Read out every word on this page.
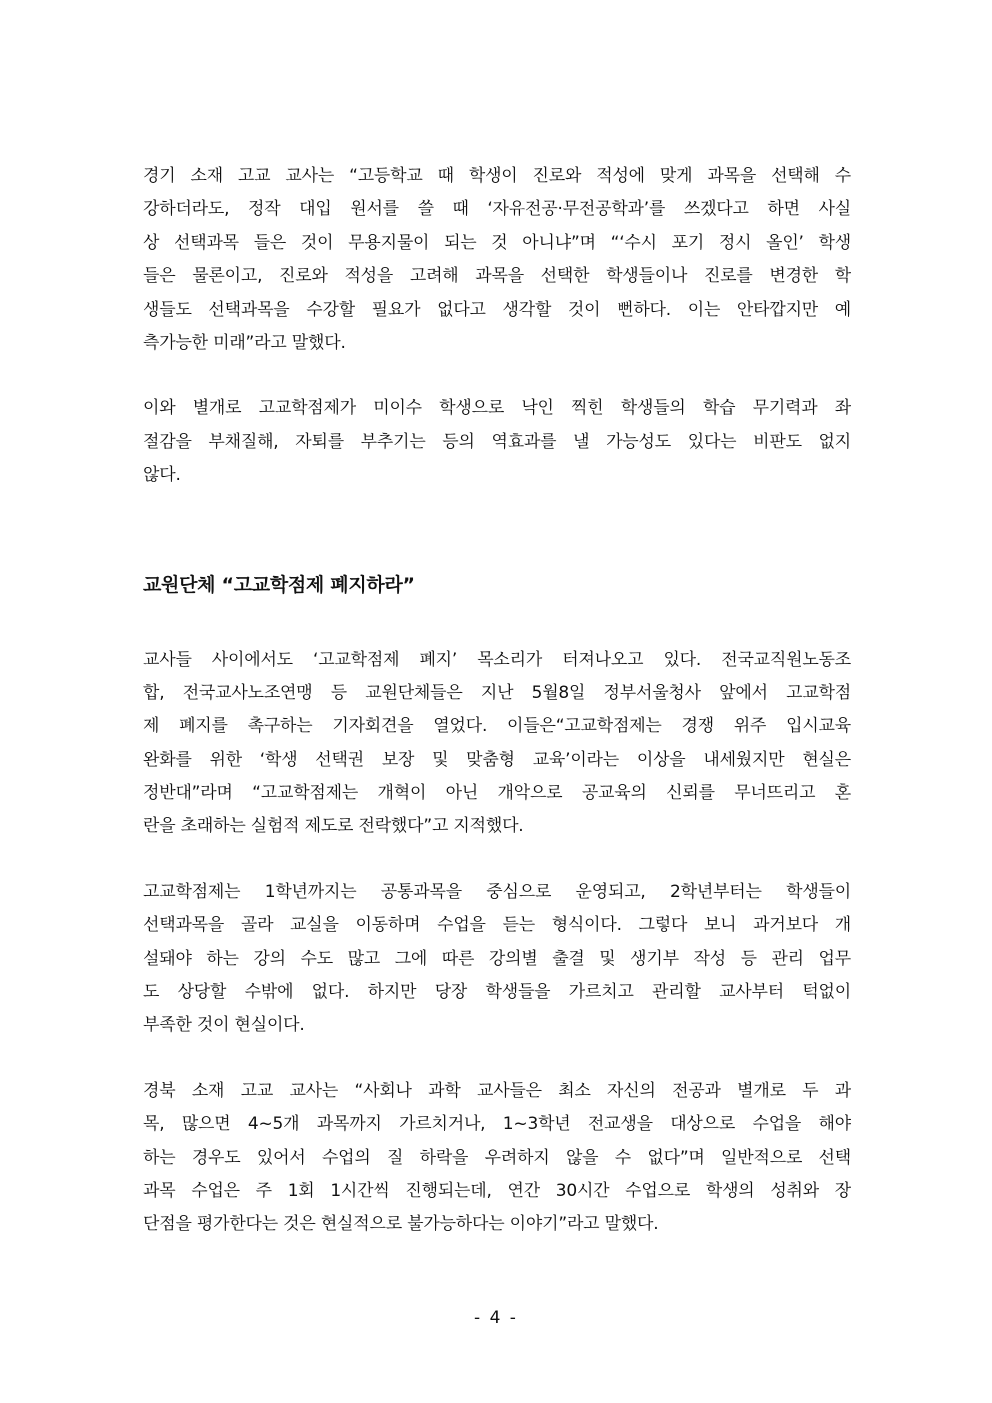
경기 소재 고교 교사는 “고등학교 때 학생이 진로와 적성에 맞게 과목을 선택해 수
강하더라도, 정작 대입 원서를 쓸 때 ‘자유전공·무전공학과’를 쓰겠다고 하면 사실
상 선택과목 들은 것이 무용지물이 되는 것 아니냐”며 “‘수시 포기 정시 올인’ 학생
들은 물론이고, 진로와 적성을 고려해 과목을 선택한 학생들이나 진로를 변경한 학
생들도 선택과목을 수강할 필요가 없다고 생각할 것이 뻔하다. 이는 안타깝지만 예
측가능한 미래”라고 말했다.
이와 별개로 고교학점제가 미이수 학생으로 낙인 찍힌 학생들의 학습 무기력과 좌
절감을 부채질해, 자퇴를 부추기는 등의 역효과를 낼 가능성도 있다는 비판도 없지
않다.
교원단체 “고교학점제 폐지하라”
교사들 사이에서도 ‘고교학점제 폐지’ 목소리가 터져나오고 있다. 전국교직원노동조
합, 전국교사노조연맹 등 교원단체들은 지난 5월8일 정부서울청사 앞에서 고교학점
제 폐지를 촉구하는 기자회견을 열었다. 이들은“고교학점제는 경쟁 위주 입시교육
완화를 위한 ‘학생 선택권 보장 및 맞춤형 교육’이라는 이상을 내세웠지만 현실은
정반대”라며 “고교학점제는 개혁이 아닌 개악으로 공교육의 신뢰를 무너뜨리고 혼
란을 초래하는 실험적 제도로 전락했다”고 지적했다.
고교학점제는 1학년까지는 공통과목을 중심으로 운영되고, 2학년부터는 학생들이
선택과목을 골라 교실을 이동하며 수업을 듣는 형식이다. 그렇다 보니 과거보다 개
설돼야 하는 강의 수도 많고 그에 따른 강의별 출결 및 생기부 작성 등 관리 업무
도 상당할 수밖에 없다. 하지만 당장 학생들을 가르치고 관리할 교사부터 턱없이
부족한 것이 현실이다.
경북 소재 고교 교사는 “사회나 과학 교사들은 최소 자신의 전공과 별개로 두 과
목, 많으면 4~5개 과목까지 가르치거나, 1~3학년 전교생을 대상으로 수업을 해야
하는 경우도 있어서 수업의 질 하락을 우려하지 않을 수 없다”며 일반적으로 선택
과목 수업은 주 1회 1시간씩 진행되는데, 연간 30시간 수업으로 학생의 성취와 장
단점을 평가한다는 것은 현실적으로 불가능하다는 이야기”라고 말했다.
- 4 -
